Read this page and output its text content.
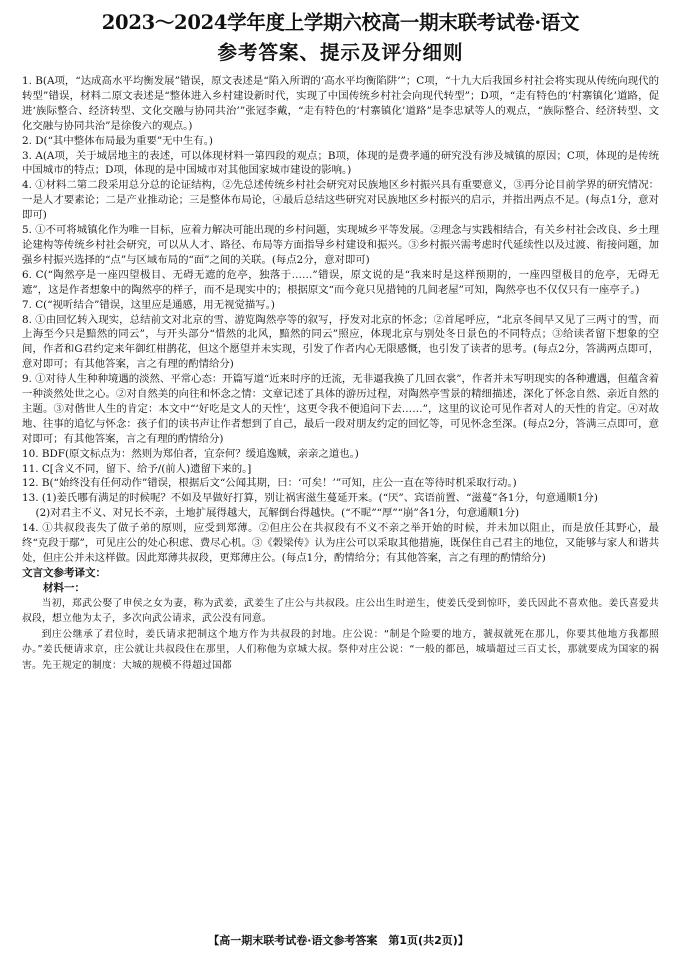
2023～2024学年度上学期六校高一期末联考试卷·语文
参考答案、提示及评分细则

1. B(A项，“达成高水平均衡发展”错误，原文表述是“陷入所谓的‘高水平均衡陷阱’”；C项，“十九大后我国乡村社会将实现从传统向现代的转型”错误，材料二原文表述是“整体进入乡村建设新时代，实现了中国传统乡村社会向现代转型”；D项，“走有特色的‘村寨镇化’道路，促进‘族际整合、经济转型、文化交融与协同共治’”张冠李戴，“走有特色的‘村寨镇化’道路”是李忠斌等人的观点，“族际整合、经济转型、文化交融与协同共治”是徐俊六的观点。)

2. D(“其中整体布局最为重要”无中生有。)

3. A(A项，关于城居地主的表述，可以体现材料一第四段的观点；B项，体现的是费孝通的研究没有涉及城镇的原因；C项，体现的是传统中国城市的特点；D项，体现的是中国城市对其他国家城市建设的影响。)

4. ①材料二第二段采用总分总的论证结构，②先总述传统乡村社会研究对民族地区乡村振兴具有重要意义，③再分论目前学界的研究情况：一是人才要素论；二是产业推动论；三是整体布局论，④最后总结这些研究对民族地区乡村振兴的启示，并指出两点不足。(每点1分，意对即可)

5. ①不可将城镇化作为唯一目标，应着力解决可能出现的乡村问题，实现城乡平等发展。②理念与实践相结合，有关乡村社会改良、乡土理论建构等传统乡村社会研究，可以从人才、路径、布局等方面指导乡村建设和振兴。③乡村振兴需考虑时代延续性以及过渡、衔接问题，加强乡村振兴选择的“点”与区域布局的“面”之间的关联。(每点2分，意对即可)

6. C(“陶然亭是一座四望极目、无碍无遮的危亭，独落于……”错误，原文说的是“我来时是这样预期的，一座四望极目的危亭，无碍无遮”，这是作者想象中的陶然亭的样子，而不是现实中的；根据原文“而今竟只见措钝的几间老屋”可知，陶然亭也不仅仅只有一座亭子。)

7. C(“视听结合”错误，这里应是通感，用无视觉描写。)

8. ①由回忆转入现实，总结前文对北京的雪、游览陶然亭等的叙写，抒发对北京的怀念；②首尾呼应，“北京冬间早又见了三两寸的雪，而上海至今只是黯然的同云”，与开头部分“惜然的北风，黯然的同云”照应，体现北京与别处冬日景色的不同特点；③给读者留下想象的空间，作者和G君约定来年御红柑鹊花，但这个愿望并未实现，引发了作者内心无限感慨，也引发了读者的思考。(每点2分，答满两点即可，意对即可；有其他答案，言之有理的酌情给分)

9. ①对待人生种种境遇的淡然、平常心态：开篇写道“近来时序的迁流，无非逼我换了几回衣裳”，作者并未写明现实的各种遭遇，但蕴含着一种淡然处世之心。②对自然美的向往和怀念之情：文章记述了具体的游历过程，对陶然亭雪景的精细描述，深化了怀念自然、亲近自然的主题。③对偕世人生的肯定：本文中“‘好吃是文人的天性’，这更令我不便追问下去……”，这里的议论可见作者对人的天性的肯定。④对故地、往事的追忆与怀念：孩子们的读书声让作者想到了自己，最后一段对朋友约定的回忆等，可见怀念至深。(每点2分，答满三点即可，意对即可；有其他答案，言之有理的酌情给分)

10. BDF(原文标点为：然则为郑伯者，宜奈何？缓追逸贼，亲亲之道也。)

11. C[含义不同，留下、给予/(前人)遗留下来的。]

12. B(“始终没有任何动作”错误，根据后文“公闻其期，曰：‘可矣！’”可知，庄公一直在等待时机采取行动。)

13. (1)姜氏哪有满足的时候呢？不如及早做好打算，别让祸害滋生蔓延开来。(“厌”、宾语前置、“滋蔓”各1分，句意通顺1分)

(2)对君主不义、对兄长不亲，土地扩展得越大，瓦解倒台得越快。(“不昵”“厚”“崩”各1分，句意通顺1分)

14. ①共叔段丧失了做子弟的原则，应受到郑薄。②但庄公在共叔段有不义不亲之举开始的时候，并未加以阻止，而是放任其野心，最终“克段于鄢”，可见庄公的处心积虑、费尽心机。③《榖梁传》认为庄公可以采取其他措施，既保住自己君主的地位，又能够与家人和谐共处，但庄公并未这样做。因此郑薄共叔段，更郑薄庄公。(每点1分，酌情给分；有其他答案，言之有理的酌情给分)

文言文参考译文：
材料一：

当初，郑武公娶了申侯之女为妻，称为武姜，武姜生了庄公与共叔段。庄公出生时逆生，使姜氏受到惊吓，姜氏因此不喜欢他。姜氏喜爱共叔段，想立他为太子，多次向武公请求，武公没有同意。

到庄公继承了君位时，姜氏请求把制这个地方作为共叔段的封地。庄公说：“制是个险要的地方，虢叔就死在那儿，你要其他地方我都照办。”姜氏便请求京，庄公就让共叔段住在那里，人们称他为京城大叔。祭仲对庄公说：“一般的都邑，城墙超过三百丈长，那就要成为国家的祸害。先王规定的制度：大城的规模不得超过国都

【高一期末联考试卷·语文参考答案　第1页(共2页)】
